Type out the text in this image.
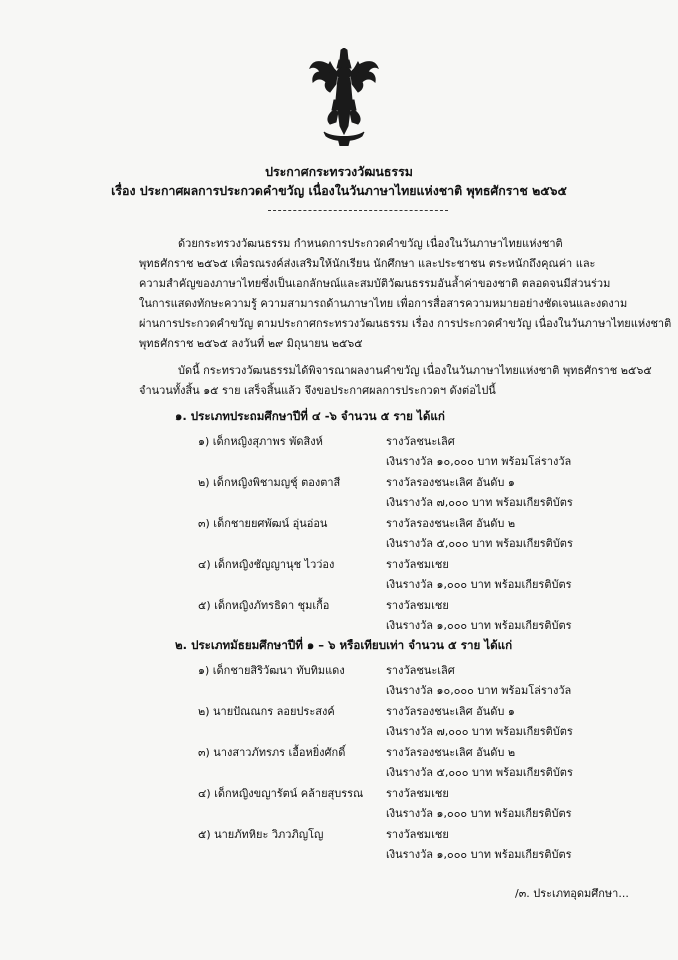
ประกาศกระทรวงวัฒนธรรม
เรื่อง ประกาศผลการประกวดคำขวัญ เนื่องในวันภาษาไทยแห่งชาติ พุทธศักราช ๒๕๖๕
ด้วยกระทรวงวัฒนธรรม กำหนดการประกวดคำขวัญ เนื่องในวันภาษาไทยแห่งชาติ
พุทธศักราช ๒๕๖๕ เพื่อรณรงค์ส่งเสริมให้นักเรียน นักศึกษา และประชาชน ตระหนักถึงคุณค่า และ
ความสำคัญของภาษาไทยซึ่งเป็นเอกลักษณ์และสมบัติวัฒนธรรมอันล้ำค่าของชาติ ตลอดจนมีส่วนร่วม
ในการแสดงทักษะความรู้ ความสามารถด้านภาษาไทย เพื่อการสื่อสารความหมายอย่างชัดเจนและงดงาม
ผ่านการประกวดคำขวัญ ตามประกาศกระทรวงวัฒนธรรม เรื่อง การประกวดคำขวัญ เนื่องในวันภาษาไทยแห่งชาติ
พุทธศักราช ๒๕๖๕ ลงวันที่ ๒๙ มิถุนายน ๒๕๖๕
บัดนี้ กระทรวงวัฒนธรรมได้พิจารณาผลงานคำขวัญ เนื่องในวันภาษาไทยแห่งชาติ พุทธศักราช ๒๕๖๕
จำนวนทั้งสิ้น ๑๕ ราย เสร็จสิ้นแล้ว จึงขอประกาศผลการประกวดฯ ดังต่อไปนี้
๑. ประเภทประถมศึกษาปีที่ ๔ -๖ จำนวน ๕ ราย ได้แก่
๑) เด็กหญิงสุภาพร พัดสิงห์	รางวัลชนะเลิศ
เงินรางวัล ๑๐,๐๐๐ บาท พร้อมโล่รางวัล
๒) เด็กหญิงพิชามญชุ์ ตองตาสี	รางวัลรองชนะเลิศ อันดับ ๑
เงินรางวัล ๗,๐๐๐ บาท พร้อมเกียรติบัตร
๓) เด็กชายยศพัฒน์ อุ่นอ่อน	รางวัลรองชนะเลิศ อันดับ ๒
เงินรางวัล ๕,๐๐๐ บาท พร้อมเกียรติบัตร
๔) เด็กหญิงชัญญานุช ไวว่อง	รางวัลชมเชย
เงินรางวัล ๑,๐๐๐ บาท พร้อมเกียรติบัตร
๕) เด็กหญิงภัทรธิดา ชุมเกื้อ	รางวัลชมเชย
เงินรางวัล ๑,๐๐๐ บาท พร้อมเกียรติบัตร
๒. ประเภทมัธยมศึกษาปีที่ ๑ – ๖ หรือเทียบเท่า จำนวน ๕ ราย ได้แก่
๑) เด็กชายสิริวัฒนา ทับทิมแดง	รางวัลชนะเลิศ
เงินรางวัล ๑๐,๐๐๐ บาท พร้อมโล่รางวัล
๒) นายปัณณกร ลอยประสงค์	รางวัลรองชนะเลิศ อันดับ ๑
เงินรางวัล ๗,๐๐๐ บาท พร้อมเกียรติบัตร
๓) นางสาวภัทรภร เอื้อหยิ่งศักดิ์	รางวัลรองชนะเลิศ อันดับ ๒
เงินรางวัล ๕,๐๐๐ บาท พร้อมเกียรติบัตร
๔) เด็กหญิงขญารัตน์ คล้ายสุบรรณ รางวัลชมเชย
เงินรางวัล ๑,๐๐๐ บาท พร้อมเกียรติบัตร
๕) นายภัทหิยะ วิภวภิญโญ	รางวัลชมเชย
เงินรางวัล ๑,๐๐๐ บาท พร้อมเกียรติบัตร
/๓. ประเภทอุดมศึกษา...
